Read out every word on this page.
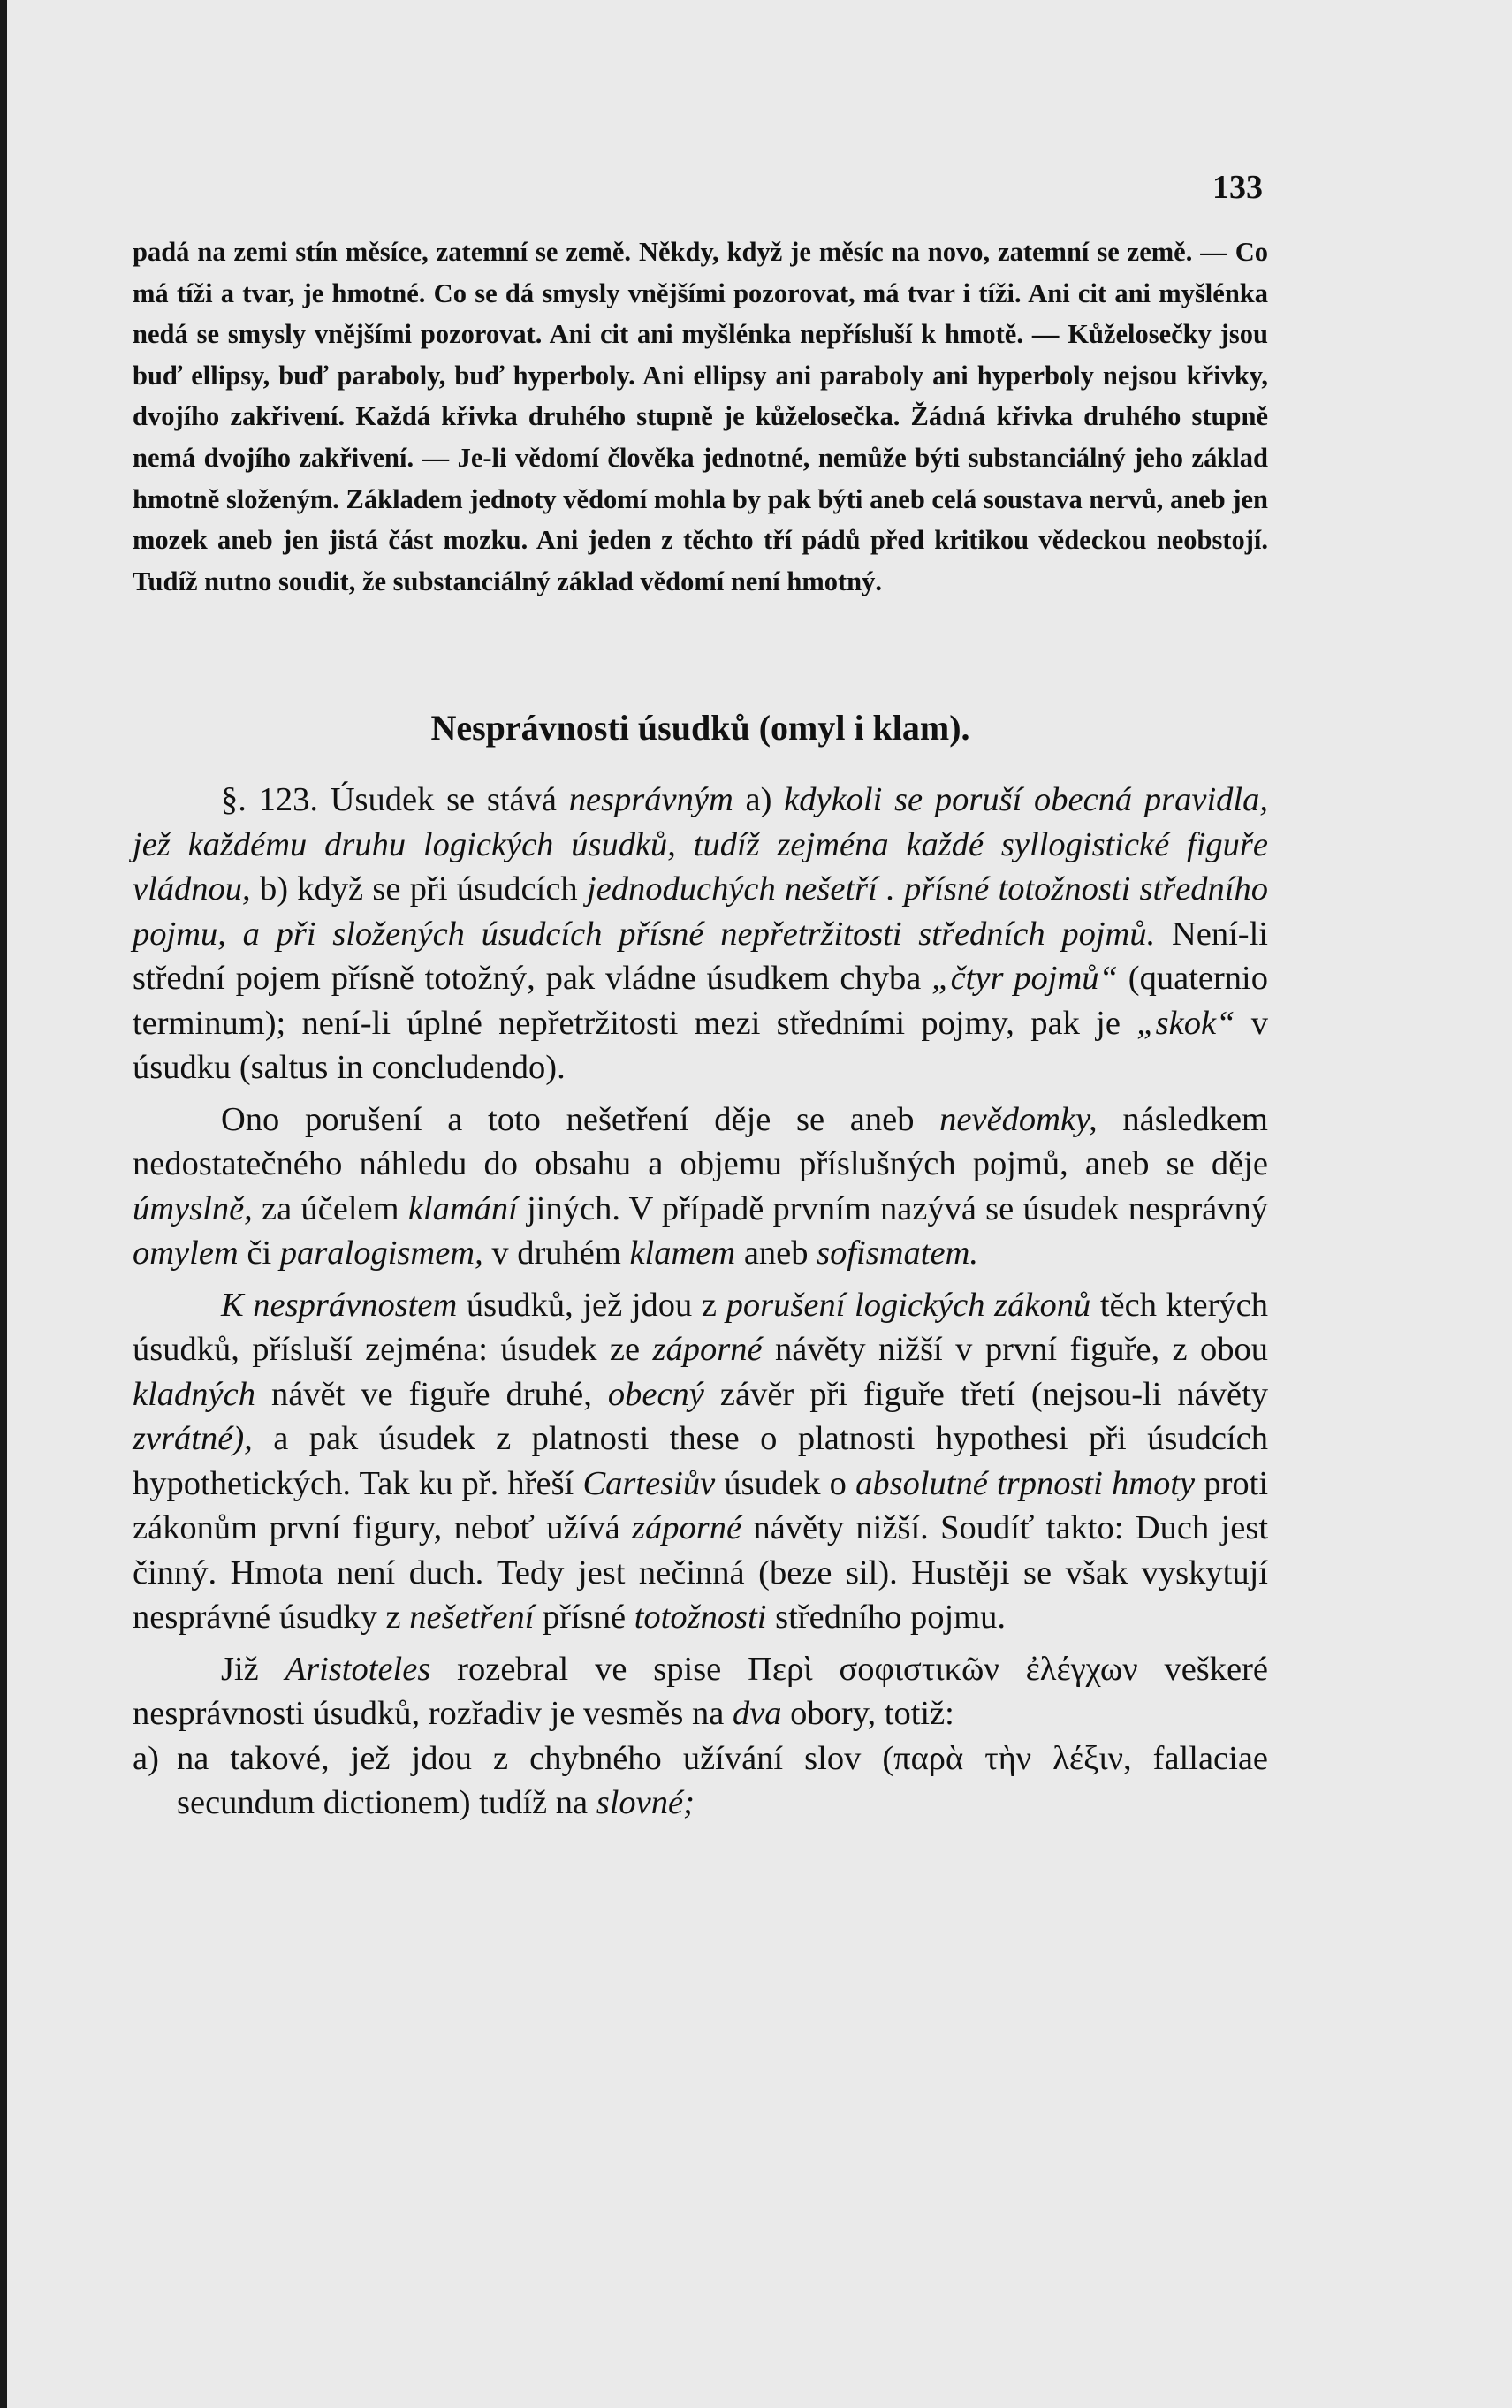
133

padá na zemi stín měsíce, zatemní se země. Někdy, když je měsíc na novo, zatemní se země. — Co má tíži a tvar, je hmotné. Co se dá smysly vnějšími pozorovat, má tvar i tíži. Ani cit ani myšlénka nedá se smysly vnějšími pozorovat. Ani cit ani myšlénka nepřísluší k hmotě. — Kůželosečky jsou buď ellipsy, buď paraboly, buď hyperboly. Ani ellipsy ani paraboly ani hyperboly nejsou křivky, dvojího zakřivení. Každá křivka druhého stupně je kůželosečka. Žádná křivka druhého stupně nemá dvojího zakřivení. — Je-li vědomí člověka jednotné, nemůže býti substanciálný jeho základ hmotně složeným. Základem jednoty vědomí mohla by pak býti aneb celá soustava nervů, aneb jen mozek aneb jen jistá část mozku. Ani jeden z těchto tří pádů před kritikou vědeckou neobstojí. Tudíž nutno soudit, že substanciálný základ vědomí není hmotný.

Nesprávnosti úsudků (omyl i klam).

§. 123. Úsudek se stává nesprávným a) kdykoli se poruší obecná pravidla, jež každému druhu logických úsudků, tudíž zejména každé syllogistické figuře vládnou, b) když se při úsudcích jednoduchých nešetří . přísné totožnosti středního pojmu, a při složených úsudcích přísné nepřetržitosti středních pojmů. Není-li střední pojem přísně totožný, pak vládne úsudkem chyba „čtyr pojmů“ (quaternio terminum); není-li úplné nepřetržitosti mezi středními pojmy, pak je „skok“ v úsudku (saltus in concludendo).

Ono porušení a toto nešetření děje se aneb nevědomky, následkem nedostatečného náhledu do obsahu a objemu příslušných pojmů, aneb se děje úmyslně, za účelem klamání jiných. V případě prvním nazývá se úsudek nesprávný omylem či paralogismem, v druhém klamem aneb sofismatem.

K nesprávnostem úsudků, jež jdou z porušení logických zákonů těch kterých úsudků, přísluší zejména: úsudek ze záporné návěty nižší v první figuře, z obou kladných návět ve figuře druhé, obecný závěr při figuře třetí (nejsou-li návěty zvrátné), a pak úsudek z platnosti these o platnosti hypothesi při úsudcích hypothetických. Tak ku př. hřeší Cartesiův úsudek o absolutné trpnosti hmoty proti zákonům první figury, neboť užívá záporné návěty nižší. Soudíť takto: Duch jest činný. Hmota není duch. Tedy jest nečinná (beze sil). Hustěji se však vyskytují nesprávné úsudky z nešetření přísné totožnosti středního pojmu.

Již Aristoteles rozebral ve spise Περὶ σοφιστικῶν ἐλέγχων veškeré nesprávnosti úsudků, rozřadiv je vesměs na dva obory, totiž:

a) na takové, jež jdou z chybného užívání slov (παρὰ τὴν λέξιν, fallaciae secundum dictionem) tudíž na slovné;
